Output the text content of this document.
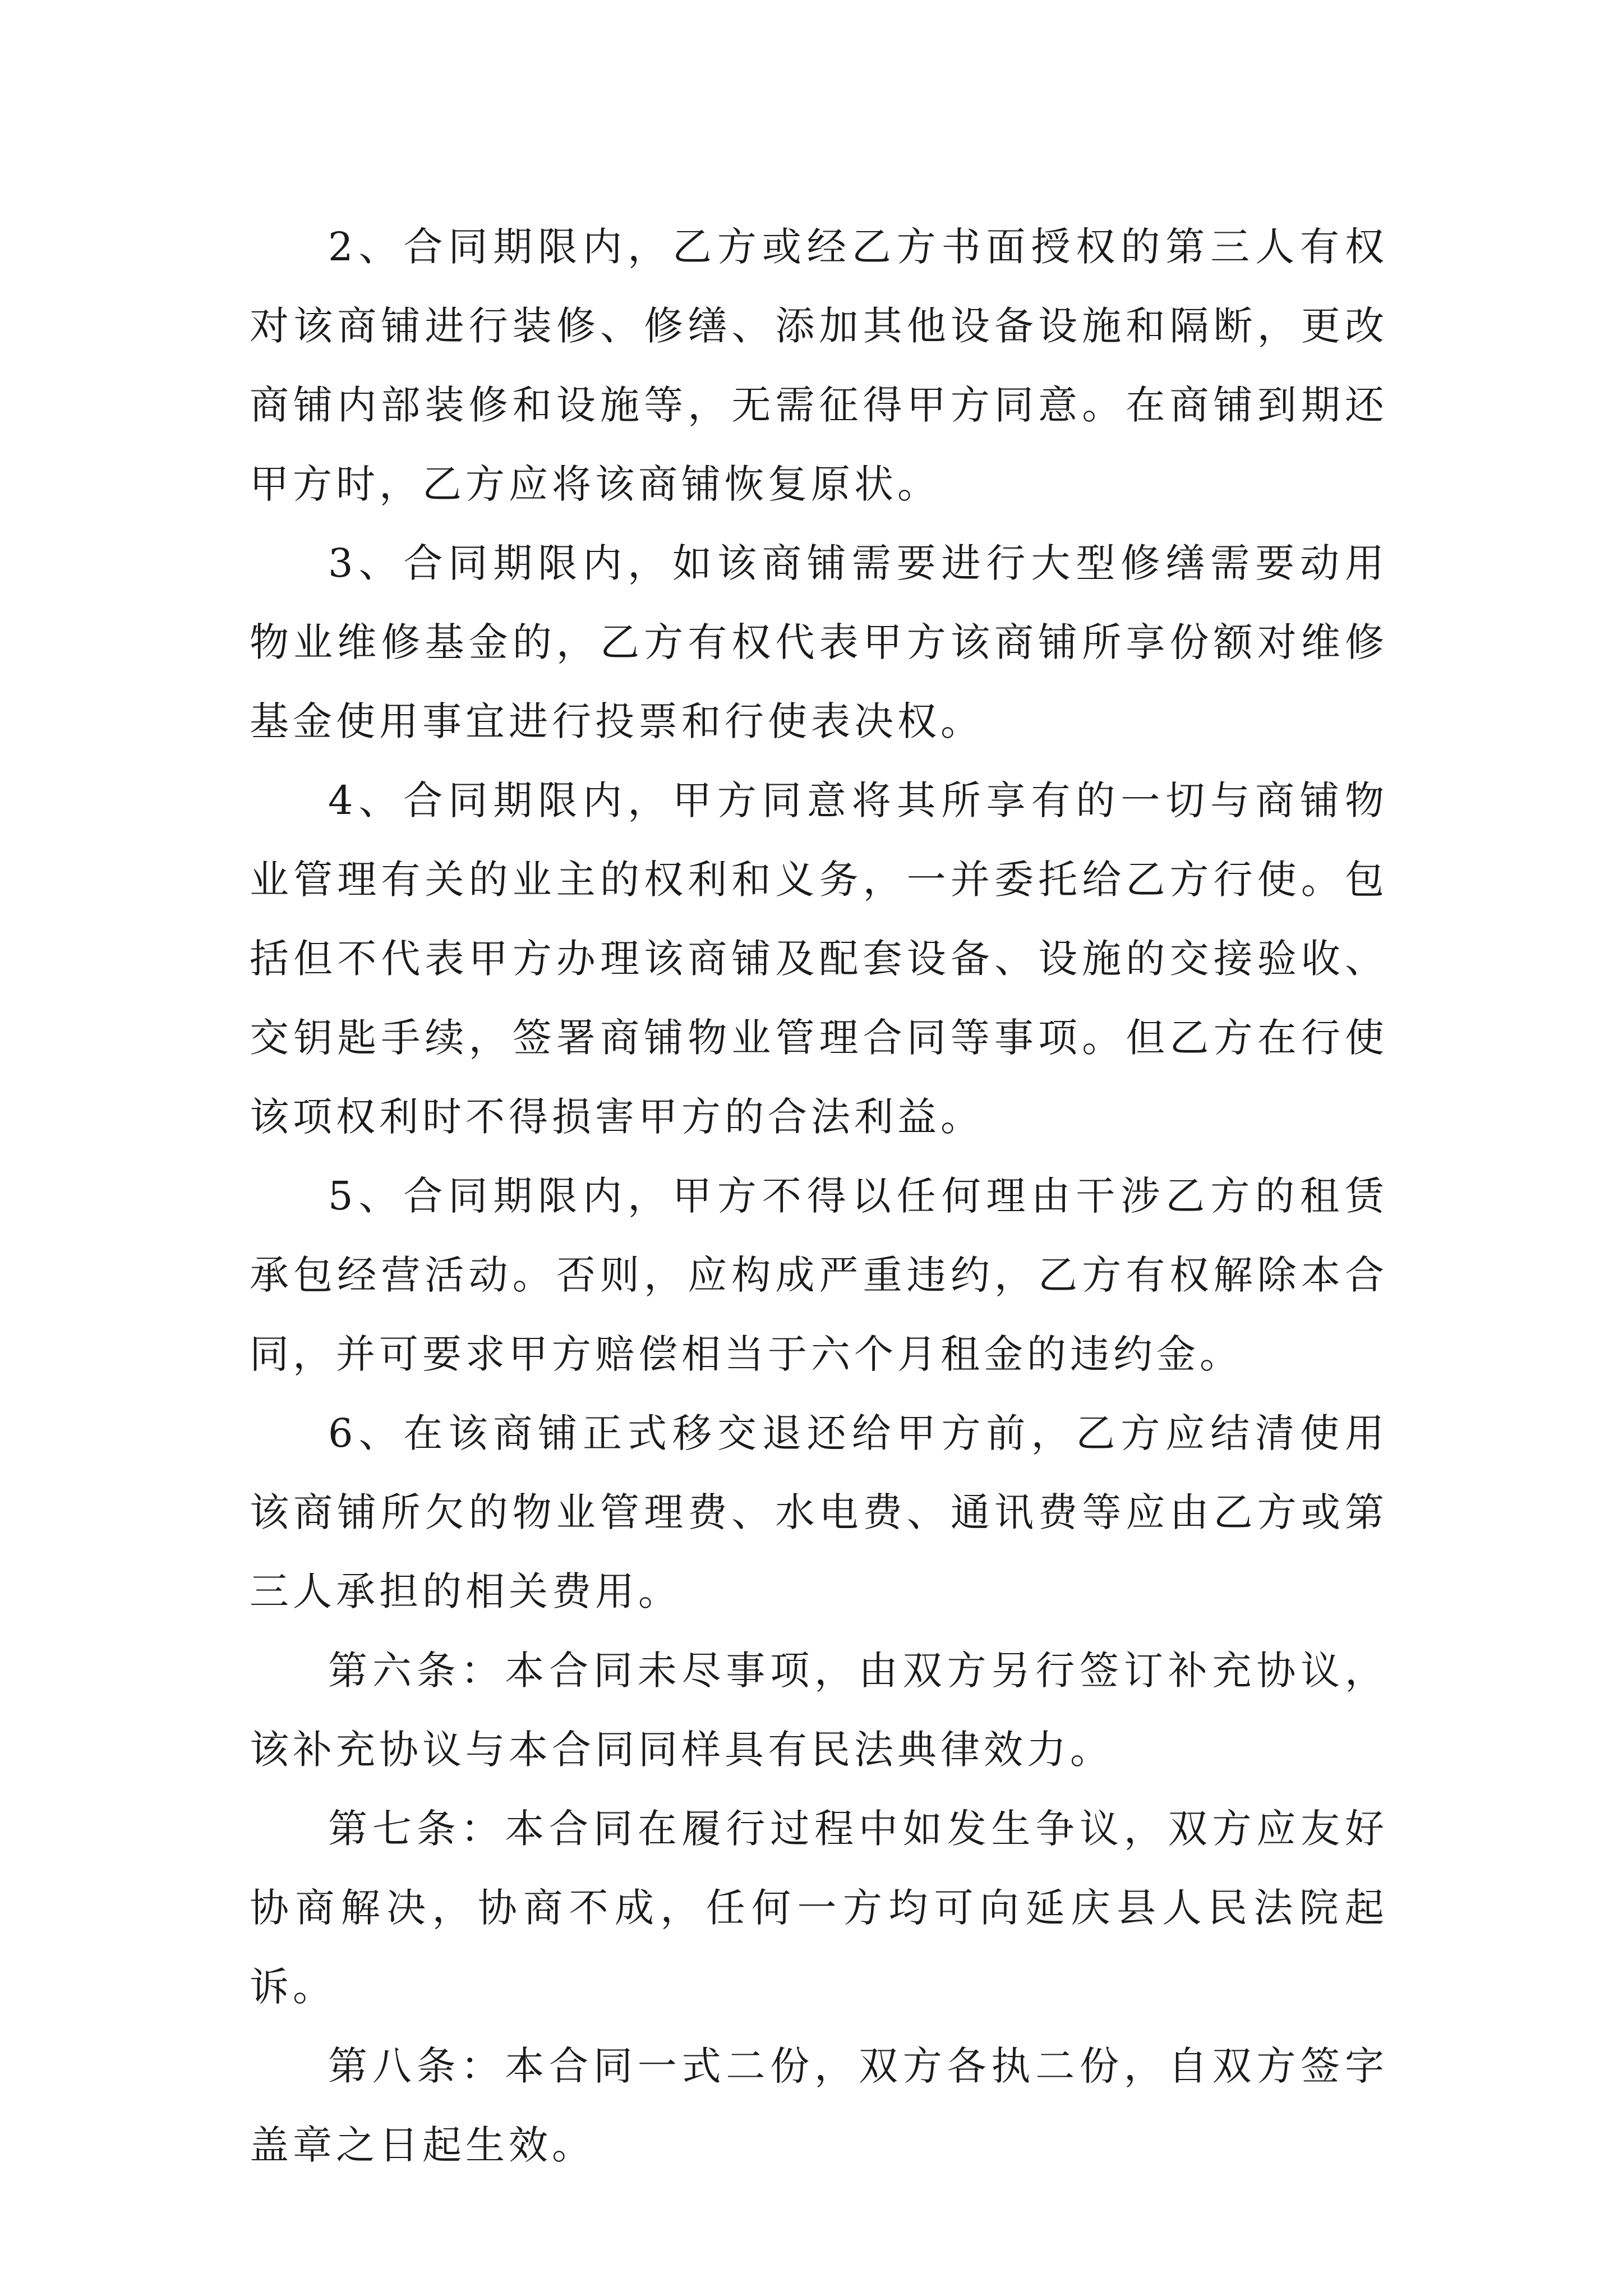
2、合同期限内，乙方或经乙方书面授权的第三人有权对该商铺进行装修、修缮、添加其他设备设施和隔断，更改商铺内部装修和设施等，无需征得甲方同意。在商铺到期还甲方时，乙方应将该商铺恢复原状。

3、合同期限内，如该商铺需要进行大型修缮需要动用物业维修基金的，乙方有权代表甲方该商铺所享份额对维修基金使用事宜进行投票和行使表决权。

4、合同期限内，甲方同意将其所享有的一切与商铺物业管理有关的业主的权利和义务，一并委托给乙方行使。包括但不代表甲方办理该商铺及配套设备、设施的交接验收、交钥匙手续，签署商铺物业管理合同等事项。但乙方在行使该项权利时不得损害甲方的合法利益。

5、合同期限内，甲方不得以任何理由干涉乙方的租赁承包经营活动。否则，应构成严重违约，乙方有权解除本合同，并可要求甲方赔偿相当于六个月租金的违约金。

6、在该商铺正式移交退还给甲方前，乙方应结清使用该商铺所欠的物业管理费、水电费、通讯费等应由乙方或第三人承担的相关费用。

第六条：本合同未尽事项，由双方另行签订补充协议，该补充协议与本合同同样具有民法典律效力。

第七条：本合同在履行过程中如发生争议，双方应友好协商解决，协商不成，任何一方均可向延庆县人民法院起诉。

第八条：本合同一式二份，双方各执二份，自双方签字盖章之日起生效。
